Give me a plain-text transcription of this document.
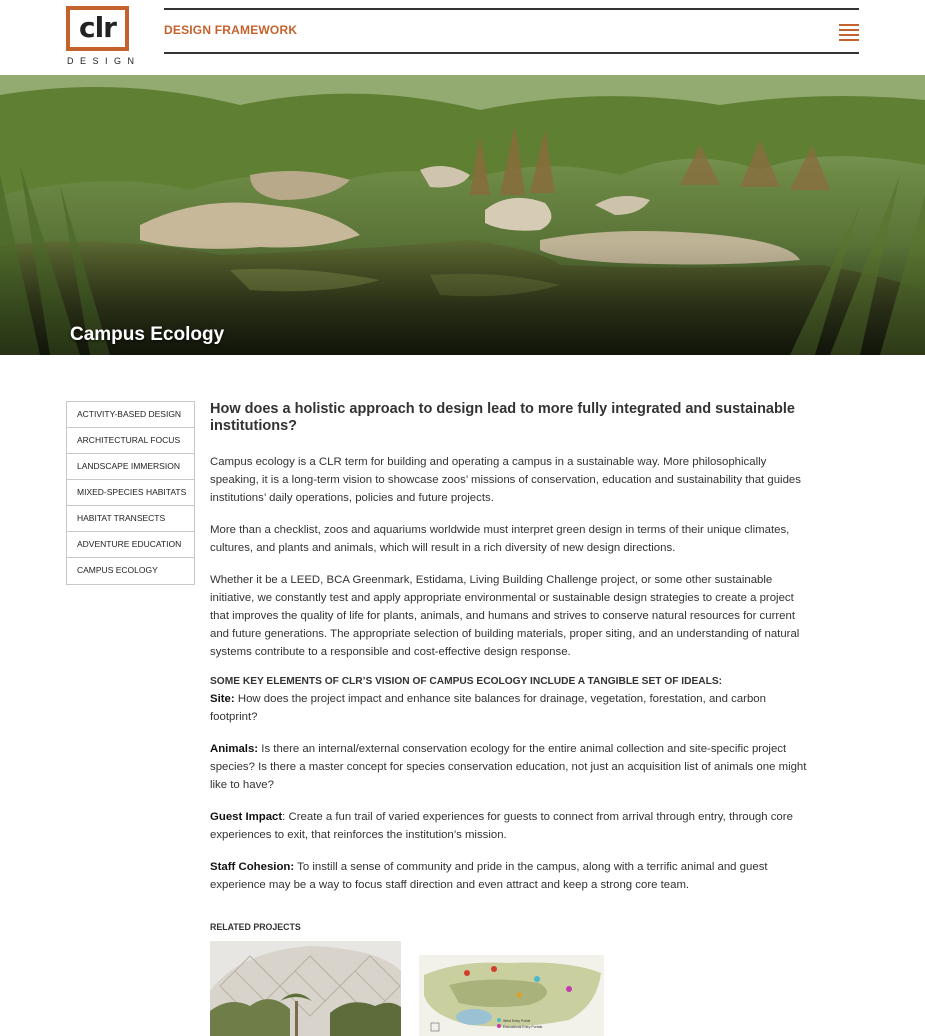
clr
DESIGN
DESIGN FRAMEWORK
Campus Ecology
ACTIVITY-BASED DESIGN
ARCHITECTURAL FOCUS
LANDSCAPE IMMERSION
MIXED-SPECIES HABITATS
HABITAT TRANSECTS
ADVENTURE EDUCATION
CAMPUS ECOLOGY
How does a holistic approach to design lead to more fully integrated and sustainable institutions?

Campus ecology is a CLR term for building and operating a campus in a sustainable way. More philosophically speaking, it is a long-term vision to showcase zoos’ missions of conservation, education and sustainability that guides institutions’ daily operations, policies and future projects.

More than a checklist, zoos and aquariums worldwide must interpret green design in terms of their unique climates, cultures, and plants and animals, which will result in a rich diversity of new design directions.

Whether it be a LEED, BCA Greenmark, Estidama, Living Building Challenge project, or some other sustainable initiative, we constantly test and apply appropriate environmental or sustainable design strategies to create a project that improves the quality of life for plants, animals, and humans and strives to conserve natural resources for current and future generations. The appropriate selection of building materials, proper siting, and an understanding of natural systems contribute to a responsible and cost-effective design response.

SOME KEY ELEMENTS OF CLR’S VISION OF CAMPUS ECOLOGY INCLUDE A TANGIBLE SET OF IDEALS:

Site: How does the project impact and enhance site balances for drainage, vegetation, forestation, and carbon footprint?

Animals: Is there an internal/external conservation ecology for the entire animal collection and site-specific project species? Is there a master concept for species conservation education, not just an acquisition list of animals one might like to have?

Guest Impact: Create a fun trail of varied experiences for guests to connect from arrival through entry, through core experiences to exit, that reinforces the institution’s mission.

Staff Cohesion: To instill a sense of community and pride in the campus, along with a terrific animal and guest experience may be a way to focus staff direction and even attract and keep a strong core team.

RELATED PROJECTS
West Entry Portal
Educational Entry Portals
